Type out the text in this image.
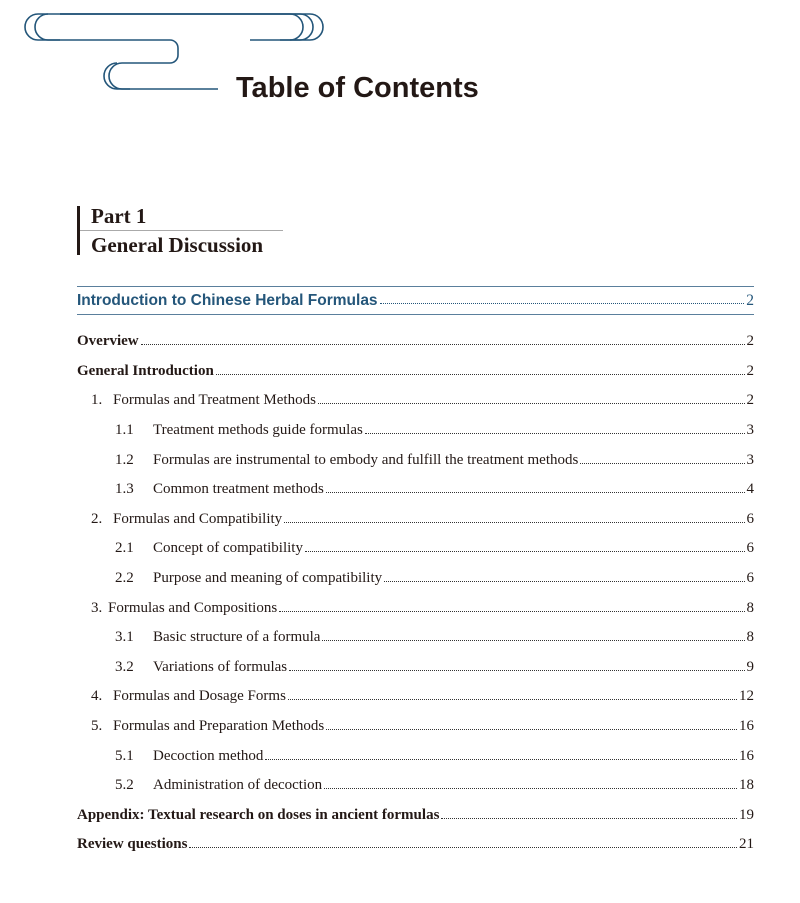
Table of Contents
Part 1
General Discussion
Introduction to Chinese Herbal Formulas	2
Overview	2
General Introduction	2
1. Formulas and Treatment Methods	2
1.1	Treatment methods guide formulas	3
1.2	Formulas are instrumental to embody and fulfill the treatment methods	3
1.3	Common treatment methods	4
2. Formulas and Compatibility	6
2.1	Concept of compatibility	6
2.2	Purpose and meaning of compatibility	6
3. Formulas and Compositions	8
3.1	Basic structure of a formula	8
3.2	Variations of formulas	9
4. Formulas and Dosage Forms	12
5. Formulas and Preparation Methods	16
5.1	Decoction method	16
5.2	Administration of decoction	18
Appendix: Textual research on doses in ancient formulas	19
Review questions	21
